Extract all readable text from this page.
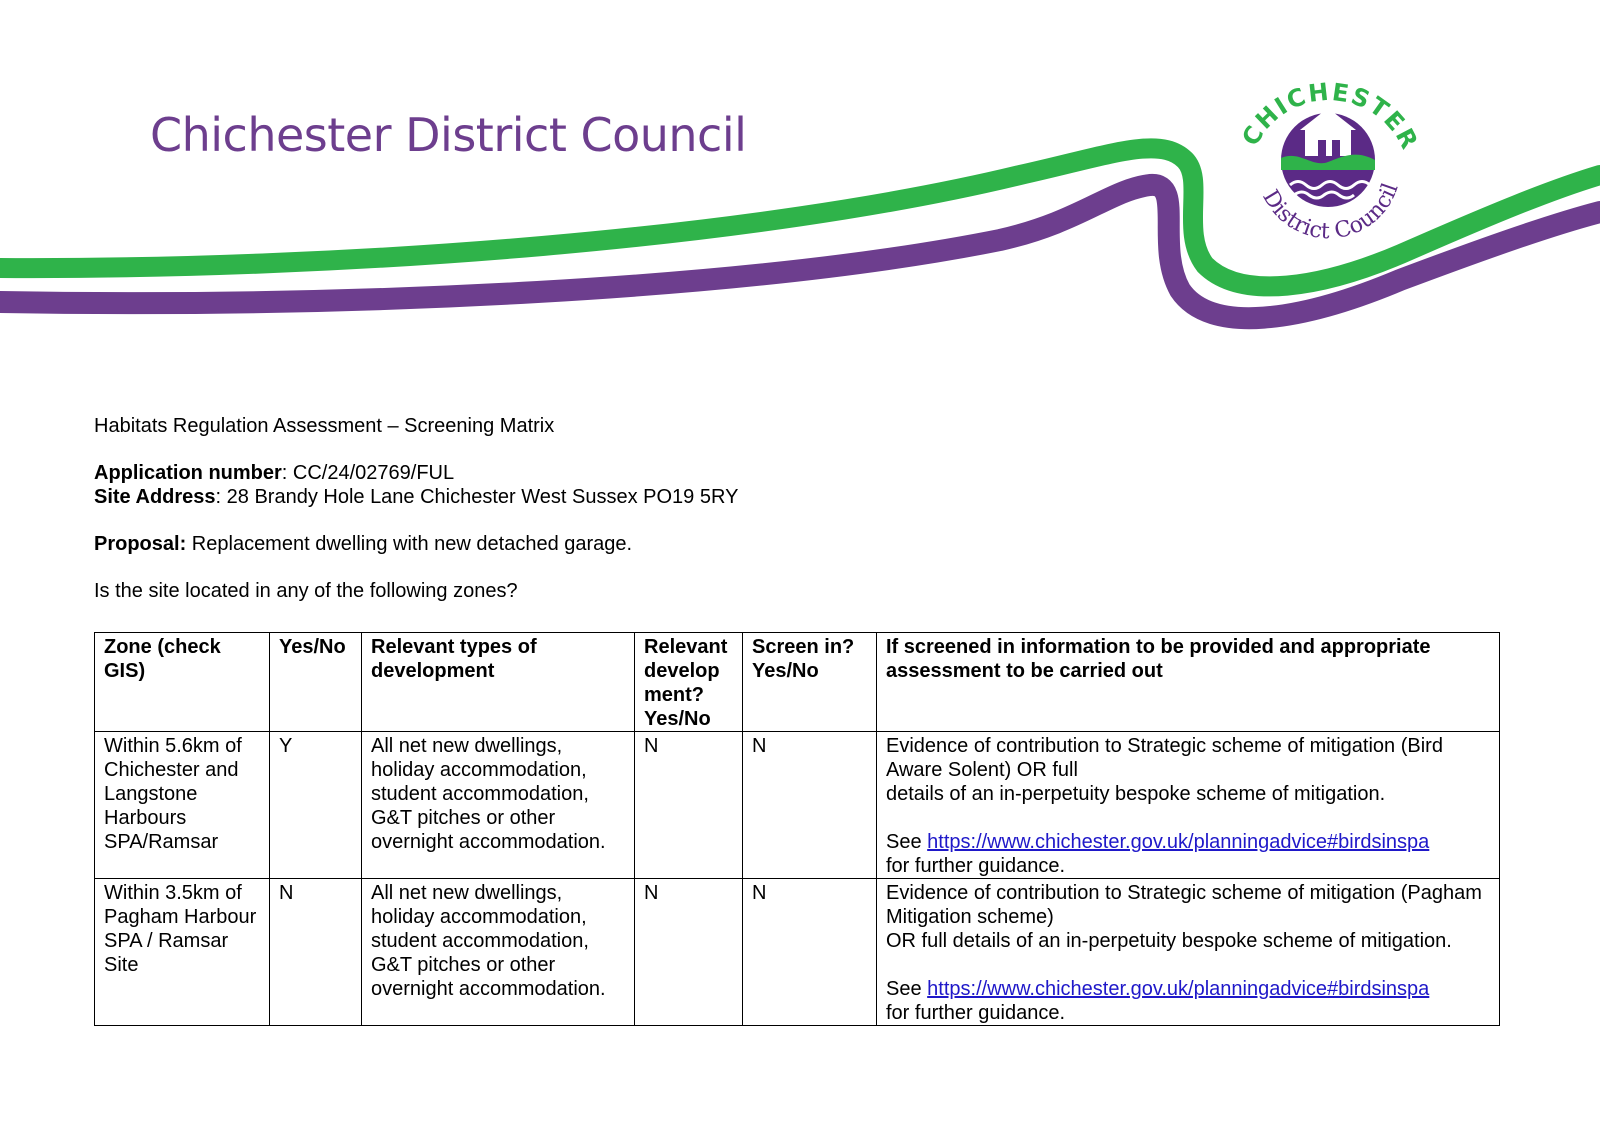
CHICHESTER
District Council
Chichester District Council

Habitats Regulation Assessment – Screening Matrix

Application number: CC/24/02769/FUL

Site Address: 28 Brandy Hole Lane Chichester West Sussex PO19 5RY

Proposal: Replacement dwelling with new detached garage.

Is the site located in any of the following zones?

Zone (check GIS)	Yes/No	Relevant types of development	Relevant develop ment? Yes/No	Screen in? Yes/No	If screened in information to be provided and appropriate assessment to be carried out
Within 5.6km of Chichester and Langstone Harbours SPA/Ramsar	Y	All net new dwellings, holiday accommodation, student accommodation, G&T pitches or other overnight accommodation.	N	N	Evidence of contribution to Strategic scheme of mitigation (Bird Aware Solent) OR full
details of an in-perpetuity bespoke scheme of mitigation.
See https://www.chichester.gov.uk/planningadvice#birdsinspa
for further guidance.

Within 3.5km of Pagham Harbour SPA / Ramsar Site	N	All net new dwellings, holiday accommodation, student accommodation, G&T pitches or other overnight accommodation.	N	N	Evidence of contribution to Strategic scheme of mitigation (Pagham Mitigation scheme)
OR full details of an in-perpetuity bespoke scheme of mitigation.
See https://www.chichester.gov.uk/planningadvice#birdsinspa
for further guidance.
